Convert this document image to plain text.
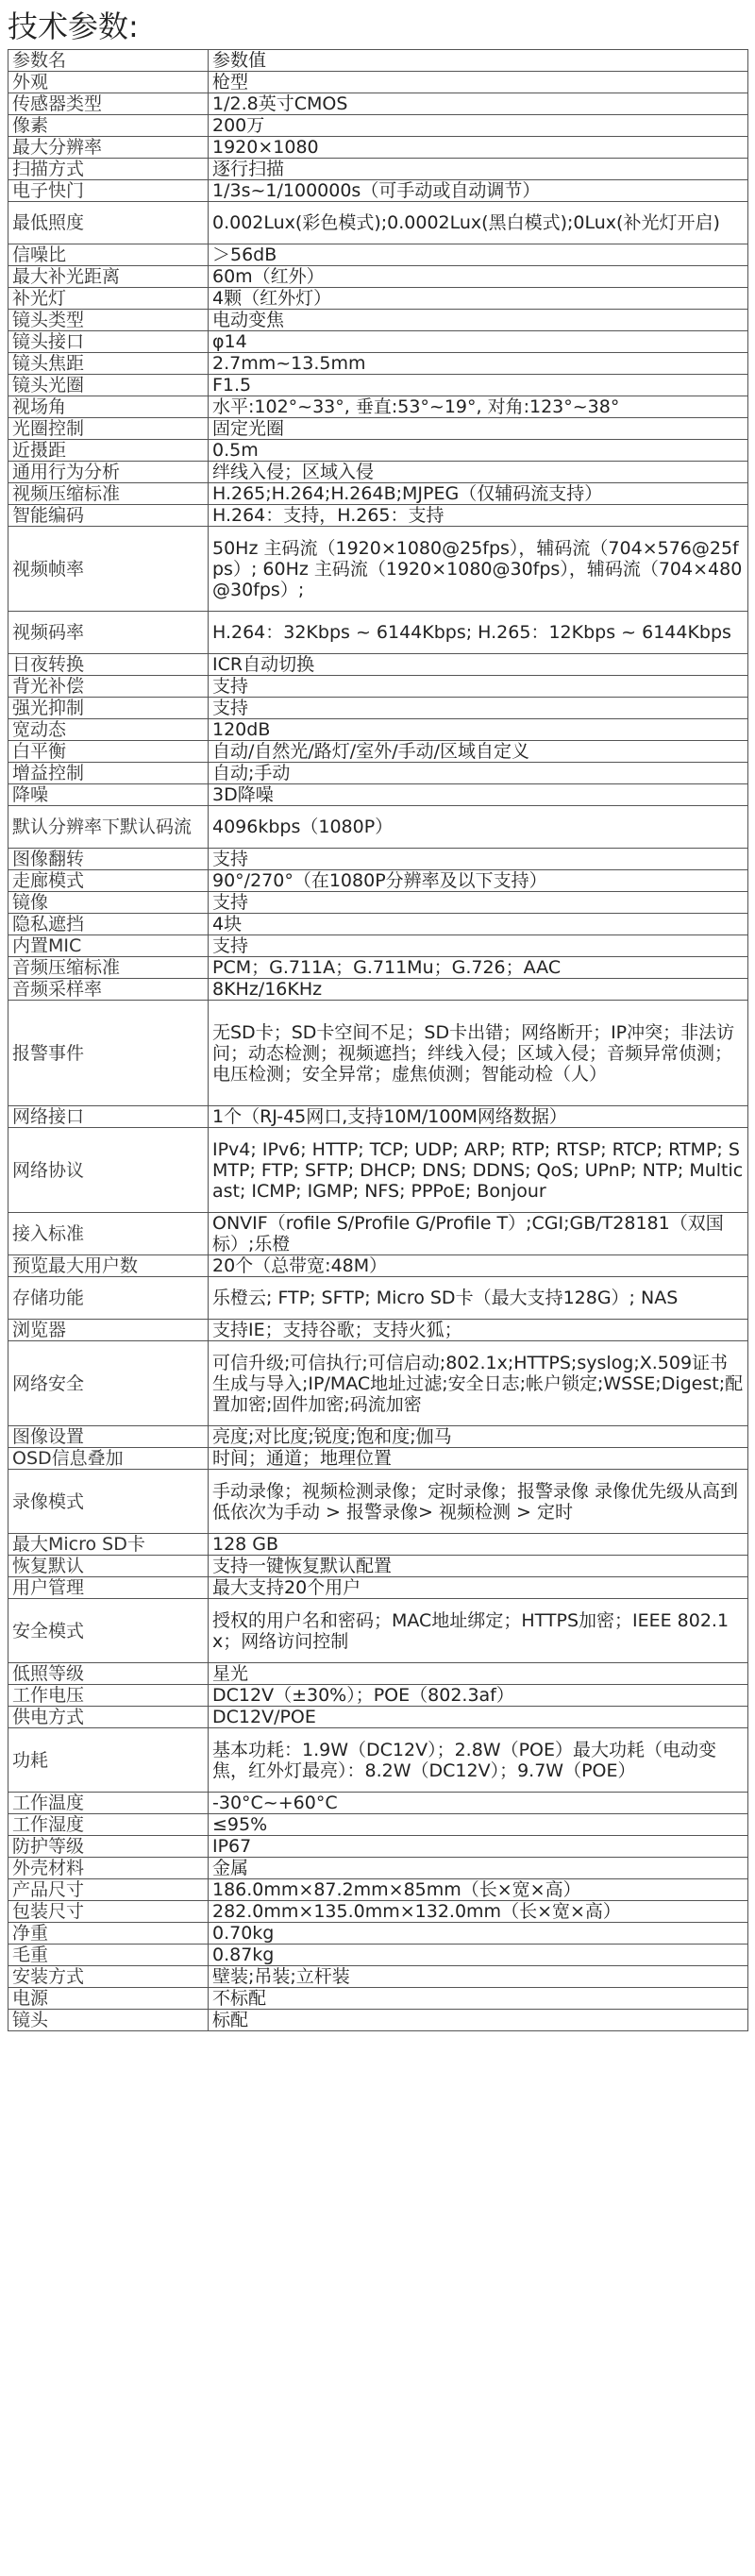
技术参数:
参数名	参数值
外观	枪型
传感器类型	1/2.8英寸CMOS
像素	200万
最大分辨率	1920×1080
扫描方式	逐行扫描
电子快门	1/3s~1/100000s（可手动或自动调节）
最低照度	0.002Lux(彩色模式);0.0002Lux(黑白模式);0Lux(补光灯开启)
信噪比	＞56dB
最大补光距离	60m（红外）
补光灯	4颗（红外灯）
镜头类型	电动变焦
镜头接口	φ14
镜头焦距	2.7mm~13.5mm
镜头光圈	F1.5
视场角	水平:102°~33°, 垂直:53°~19°, 对角:123°~38°
光圈控制	固定光圈
近摄距	0.5m
通用行为分析	绊线入侵；区域入侵
视频压缩标准	H.265;H.264;H.264B;MJPEG（仅辅码流支持）
智能编码	H.264：支持，H.265：支持
视频帧率	50Hz 主码流（1920×1080@25fps），辅码流（704×576@25fps）; 60Hz 主码流（1920×1080@30fps），辅码流（704×480@30fps）;
视频码率	H.264：32Kbps ~ 6144Kbps; H.265：12Kbps ~ 6144Kbps
日夜转换	ICR自动切换
背光补偿	支持
强光抑制	支持
宽动态	120dB
白平衡	自动/自然光/路灯/室外/手动/区域自定义
增益控制	自动;手动
降噪	3D降噪
默认分辨率下默认码流	4096kbps（1080P）
图像翻转	支持
走廊模式	90°/270°（在1080P分辨率及以下支持）
镜像	支持
隐私遮挡	4块
内置MIC	支持
音频压缩标准	PCM；G.711A；G.711Mu；G.726；AAC
音频采样率	8KHz/16KHz
报警事件	无SD卡；SD卡空间不足；SD卡出错；网络断开；IP冲突；非法访问；动态检测；视频遮挡；绊线入侵；区域入侵；音频异常侦测；电压检测；安全异常；虚焦侦测；智能动检（人）
网络接口	1个（RJ-45网口,支持10M/100M网络数据）
网络协议	IPv4; IPv6; HTTP; TCP; UDP; ARP; RTP; RTSP; RTCP; RTMP; SMTP; FTP; SFTP; DHCP; DNS; DDNS; QoS; UPnP; NTP; Multicast; ICMP; IGMP; NFS; PPPoE; Bonjour
接入标准	ONVIF（rofile S/Profile G/Profile T）;CGI;GB/T28181（双国标）;乐橙
预览最大用户数	20个（总带宽:48M）
存储功能	乐橙云; FTP; SFTP; Micro SD卡（最大支持128G）; NAS
浏览器	支持IE；支持谷歌；支持火狐；
网络安全	可信升级;可信执行;可信启动;802.1x;HTTPS;syslog;X.509证书生成与导入;IP/MAC地址过滤;安全日志;帐户锁定;WSSE;Digest;配置加密;固件加密;码流加密
图像设置	亮度;对比度;锐度;饱和度;伽马
OSD信息叠加	时间；通道；地理位置
录像模式	手动录像；视频检测录像；定时录像；报警录像 录像优先级从高到低依次为手动 > 报警录像> 视频检测 > 定时
最大Micro SD卡	128 GB
恢复默认	支持一键恢复默认配置
用户管理	最大支持20个用户
安全模式	授权的用户名和密码；MAC地址绑定；HTTPS加密；IEEE 802.1x；网络访问控制
低照等级	星光
工作电压	DC12V（±30%）；POE（802.3af）
供电方式	DC12V/POE
功耗	基本功耗：1.9W（DC12V）；2.8W（POE）最大功耗（电动变焦，红外灯最亮）：8.2W（DC12V）；9.7W（POE）
工作温度	-30°C~+60°C
工作湿度	≤95%
防护等级	IP67
外壳材料	金属
产品尺寸	186.0mm×87.2mm×85mm（长×宽×高）
包装尺寸	282.0mm×135.0mm×132.0mm（长×宽×高）
净重	0.70kg
毛重	0.87kg
安装方式	壁装;吊装;立杆装
电源	不标配
镜头	标配
